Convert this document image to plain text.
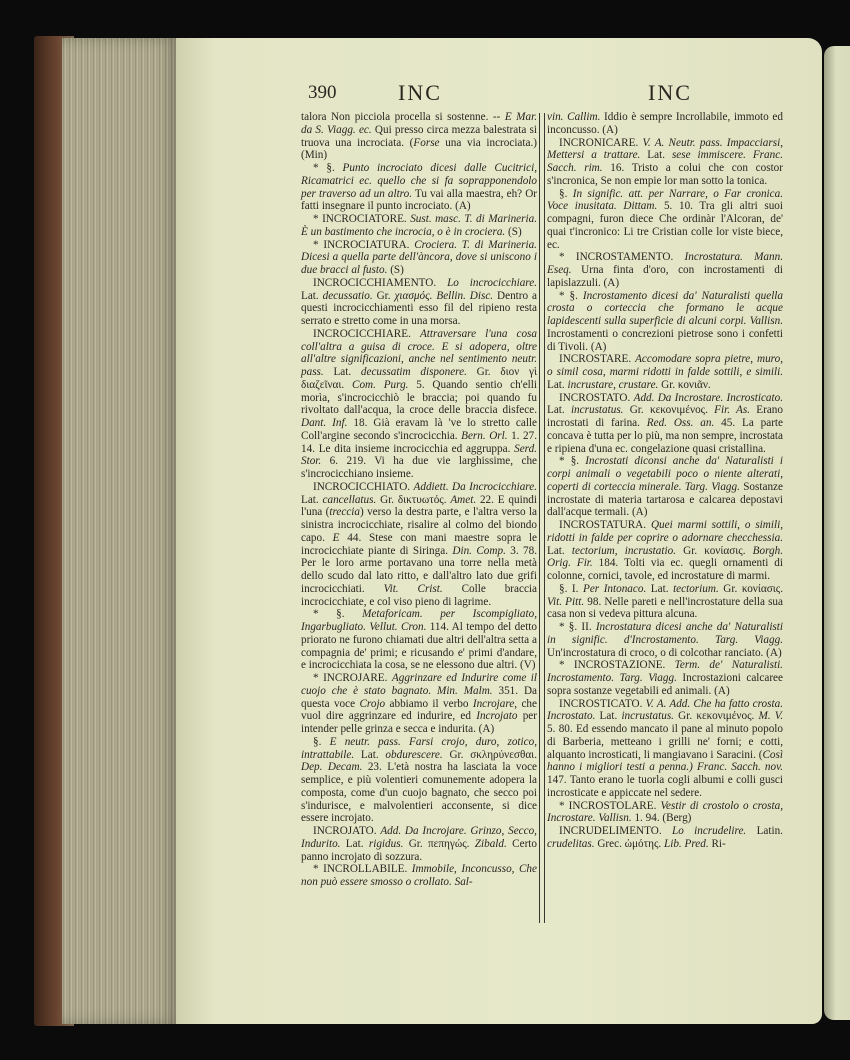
390	INC	INC

talora Non picciola procella si sostenne. -- E Mar. da S. Viagg. ec. Qui presso circa mezza balestrata si truova una incrociata. (Forse una via incrociata.) (Min)

* §. Punto incrociato dicesi dalle Cucitrici, Ricamatrici ec. quello che si fa soprapponendolo per traverso ad un altro. Tu vai alla maestra, eh? Or fatti insegnare il punto incrociato. (A)

* INCROCIATORE. Sust. masc. T. di Marineria. È un bastimento che incrocia, o è in crociera. (S)

* INCROCIATURA. Crociera. T. di Marineria. Dicesi a quella parte dell'àncora, dove si uniscono i due bracci al fusto. (S)

INCROCICCHIAMENTO. Lo incrocicchiare. Lat. decussatio. Gr. χιασμός. Bellin. Disc. Dentro a questi incrocicchiamenti esso fil del ripieno resta serrato e stretto come in una morsa.

INCROCICCHIARE. Attraversare l'una cosa coll'altra a guisa di croce. E si adopera, oltre all'altre significazioni, anche nel sentimento neutr. pass. Lat. decussatim disponere. Gr. διον γὶ διαζεῖναι. Com. Purg. 5. Quando sentio ch'elli morìa, s'incrocicchiò le braccia; poi quando fu rivoltato dall'acqua, la croce delle braccia disfece. Dant. Inf. 18. Già eravam là 've lo stretto calle Coll'argine secondo s'incrocicchia. Bern. Orl. 1. 27. 14. Le dita insieme incrocicchia ed aggruppa. Serd. Stor. 6. 219. Vi ha due vie larghissime, che s'incrocicchiano insieme.

INCROCICCHIATO. Addiett. Da Incrocicchiare. Lat. cancellatus. Gr. δικτυωτός. Amet. 22. E quindi l'una (treccia) verso la destra parte, e l'altra verso la sinistra incrocicchiate, risalire al colmo del biondo capo. E 44. Stese con mani maestre sopra le incrocicchiate piante di Siringa. Din. Comp. 3. 78. Per le loro arme portavano una torre nella metà dello scudo dal lato ritto, e dall'altro lato due grifi incrocicchiati. Vit. Crist. Colle braccia incrocicchiate, e col viso pieno di lagrime.

* §. Metaforicam. per Iscompigliato, Ingarbugliato. Vellut. Cron. 114. Al tempo del detto priorato ne furono chiamati due altri dell'altra setta a compagnia de' primi; e ricusando e' primi d'andare, e incrocicchiata la cosa, se ne elessono due altri. (V)

* INCROJARE. Aggrinzare ed Indurire come il cuojo che è stato bagnato. Min. Malm. 351. Da questa voce Crojo abbiamo il verbo Incrojare, che vuol dire aggrinzare ed indurire, ed Incrojato per intender pelle grinza e secca e indurita. (A)

§. E neutr. pass. Farsi crojo, duro, zotico, intrattabile. Lat. obdurescere. Gr. σκληρύνεσθαι. Dep. Decam. 23. L'età nostra ha lasciata la voce semplice, e più volentieri comunemente adopera la composta, come d'un cuojo bagnato, che secco poi s'indurisce, e malvolentieri acconsente, si dice essere incrojato.

INCROJATO. Add. Da Incrojare. Grinzo, Secco, Indurito. Lat. rigidus. Gr. πεπηγώς. Zibald. Certo panno incrojato di sozzura.

* INCROLLABILE. Immobile, Inconcusso, Che non può essere smosso o crollato. Sal-

vin. Callim. Iddio è sempre Incrollabile, immoto ed inconcusso. (A)

INCRONICARE. V. A. Neutr. pass. Impacciarsi, Mettersi a trattare. Lat. sese immiscere. Franc. Sacch. rim. 16. Tristo a colui che con costor s'incronica, Se non empie lor man sotto la tonica.

§. In signific. att. per Narrare, o Far cronica. Voce inusitata. Dittam. 5. 10. Tra gli altri suoi compagni, furon diece Che ordinàr l'Alcoran, de' quai t'incronico: Li tre Cristian colle lor viste biece, ec.

* INCROSTAMENTO. Incrostatura. Mann. Eseq. Urna finta d'oro, con incrostamenti di lapislazzuli. (A)

* §. Incrostamento dicesi da' Naturalisti quella crosta o corteccia che formano le acque lapidescenti sulla superficie di alcuni corpi. Vallisn. Incrostamenti o concrezioni pietrose sono i confetti di Tivoli. (A)

INCROSTARE. Accomodare sopra pietre, muro, o simil cosa, marmi ridotti in falde sottili, e simili. Lat. incrustare, crustare. Gr. κονιᾶν.

INCROSTATO. Add. Da Incrostare. Incrosticato. Lat. incrustatus. Gr. κεκονιμένος. Fir. As. Erano incrostati di farina. Red. Oss. an. 45. La parte concava è tutta per lo più, ma non sempre, incrostata e ripiena d'una ec. congelazione quasi cristallina.

* §. Incrostati diconsi anche da' Naturalisti i corpi animali o vegetabili poco o niente alterati, coperti di corteccia minerale. Targ. Viagg. Sostanze incrostate di materia tartarosa e calcarea depostavi dall'acque termali. (A)

INCROSTATURA. Quei marmi sottili, o simili, ridotti in falde per coprire o adornare checchessia. Lat. tectorium, incrustatio. Gr. κονίασις. Borgh. Orig. Fir. 184. Tolti via ec. quegli ornamenti di colonne, cornici, tavole, ed incrostature di marmi.

§. I. Per Intonaco. Lat. tectorium. Gr. κονίασις. Vit. Pitt. 98. Nelle pareti e nell'incrostature della sua casa non si vedeva pittura alcuna.

* §. II. Incrostatura dicesi anche da' Naturalisti in signific. d'Incrostamento. Targ. Viagg. Un'incrostatura di croco, o di colcothar ranciato. (A)

* INCROSTAZIONE. Term. de' Naturalisti. Incrostamento. Targ. Viagg. Incrostazioni calcaree sopra sostanze vegetabili ed animali. (A)

INCROSTICATO. V. A. Add. Che ha fatto crosta. Incrostato. Lat. incrustatus. Gr. κεκονιμένος. M. V. 5. 80. Ed essendo mancato il pane al minuto popolo di Barberia, metteano i grilli ne' forni; e cotti, alquanto incrosticati, li mangiavano i Saracini. (Così hanno i migliori testi a penna.) Franc. Sacch. nov. 147. Tanto erano le tuorla cogli albumi e colli gusci incrosticate e appiccate nel sedere.

* INCROSTOLARE. Vestir di crostolo o crosta, Incrostare. Vallisn. 1. 94. (Berg)

INCRUDELIMENTO. Lo incrudelire. Latin. crudelitas. Grec. ὠμότης. Lib. Pred. Ri-
